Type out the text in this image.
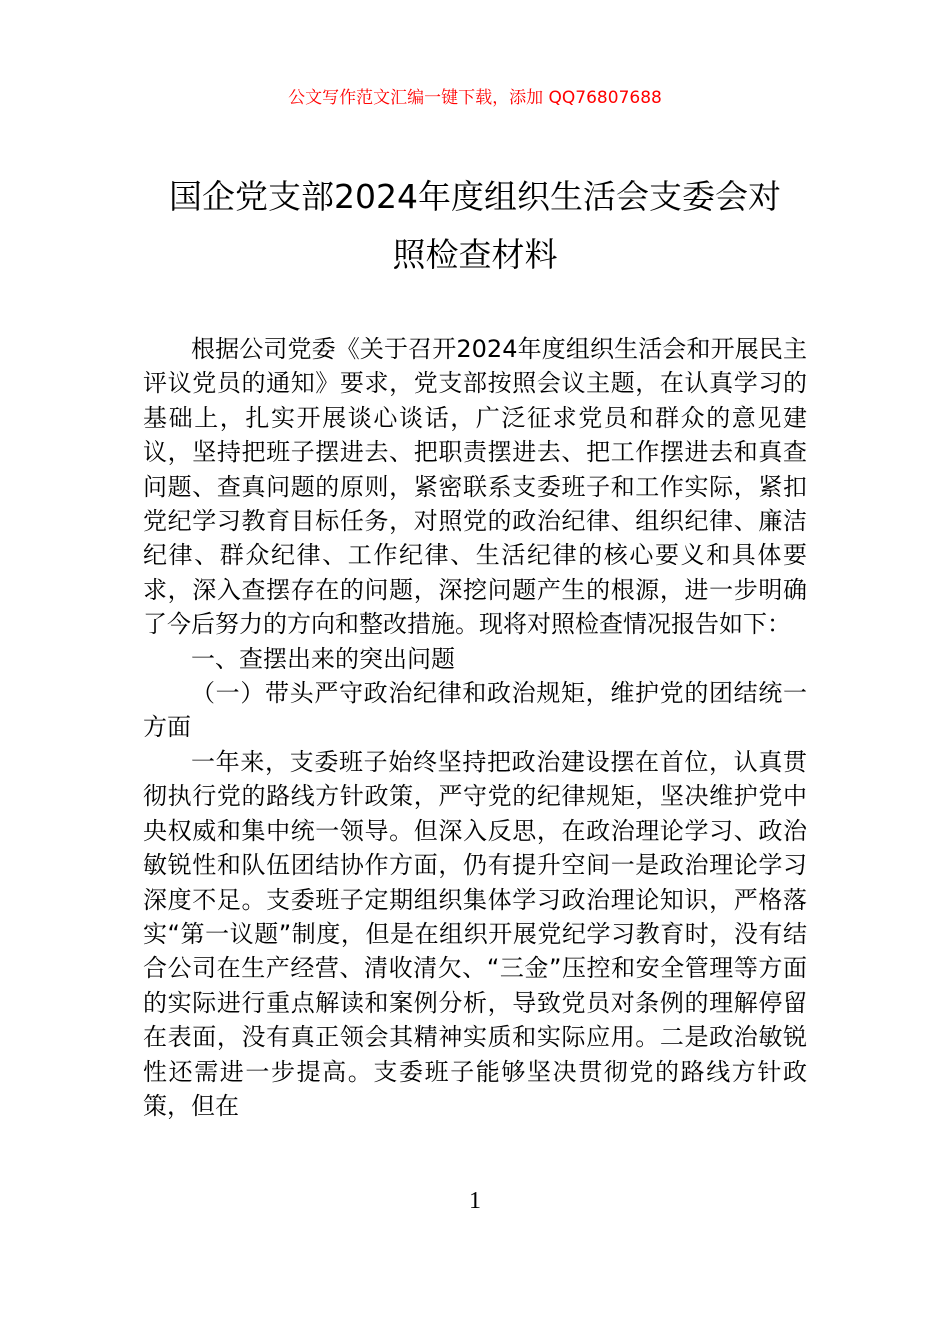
公文写作范文汇编一键下载，添加 QQ76807688
国企党支部2024年度组织生活会支委会对
照检查材料

根据公司党委《关于召开2024年度组织生活会和开展民主评议党员的通知》要求，党支部按照会议主题，在认真学习的基础上，扎实开展谈心谈话，广泛征求党员和群众的意见建议，坚持把班子摆进去、把职责摆进去、把工作摆进去和真查问题、查真问题的原则，紧密联系支委班子和工作实际，紧扣党纪学习教育目标任务，对照党的政治纪律、组织纪律、廉洁纪律、群众纪律、工作纪律、生活纪律的核心要义和具体要求，深入查摆存在的问题，深挖问题产生的根源，进一步明确了今后努力的方向和整改措施。现将对照检查情况报告如下：

一、查摆出来的突出问题

（一）带头严守政治纪律和政治规矩，维护党的团结统一方面

一年来，支委班子始终坚持把政治建设摆在首位，认真贯彻执行党的路线方针政策，严守党的纪律规矩，坚决维护党中央权威和集中统一领导。但深入反思，在政治理论学习、政治敏锐性和队伍团结协作方面，仍有提升空间一是政治理论学习深度不足。支委班子定期组织集体学习政治理论知识，严格落实“第一议题”制度，但是在组织开展党纪学习教育时，没有结合公司在生产经营、清收清欠、“三金”压控和安全管理等方面的实际进行重点解读和案例分析，导致党员对条例的理解停留在表面，没有真正领会其精神实质和实际应用。二是政治敏锐性还需进一步提高。支委班子能够坚决贯彻党的路线方针政策，但在

1
